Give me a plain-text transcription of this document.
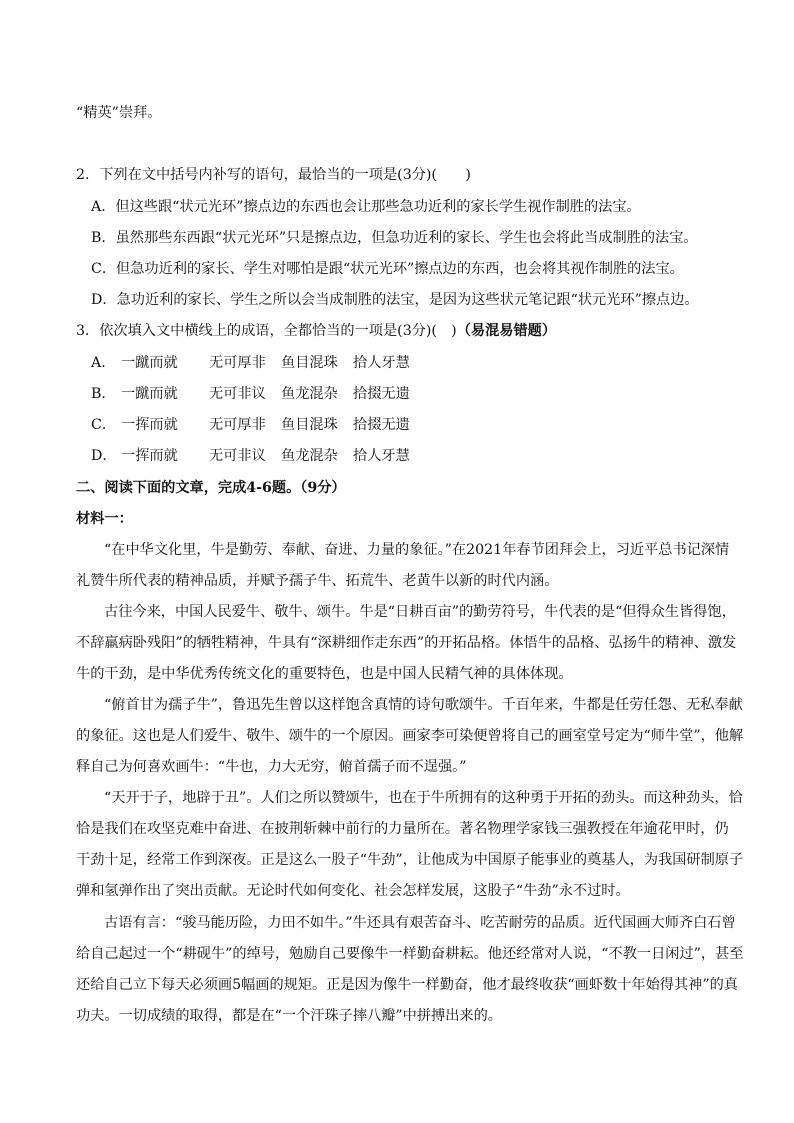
“精英”崇拜。
2．下列在文中括号内补写的语句，最恰当的一项是(3分)(　　)
A．但这些跟“状元光环”擦点边的东西也会让那些急功近利的家长学生视作制胜的法宝。
B．虽然那些东西跟“状元光环”只是擦点边，但急功近利的家长、学生也会将此当成制胜的法宝。
C．但急功近利的家长、学生对哪怕是跟“状元光环”擦点边的东西，也会将其视作制胜的法宝。
D．急功近利的家长、学生之所以会当成制胜的法宝，是因为这些状元笔记跟“状元光环”擦点边。
3．依次填入文中横线上的成语，全都恰当的一项是(3分)(　)（易混易错题）
A． 一蹴而就 无可厚非 鱼目混珠 拾人牙慧
B． 一蹴而就 无可非议 鱼龙混杂 拾掇无遗
C． 一挥而就 无可厚非 鱼目混珠 拾掇无遗
D． 一挥而就 无可非议 鱼龙混杂 拾人牙慧
二、阅读下面的文章，完成4-6题。（9分）
材料一：
“在中华文化里，牛是勤劳、奉献、奋进、力量的象征。”在2021年春节团拜会上，习近平总书记深情
礼赞牛所代表的精神品质，并赋予孺子牛、拓荒牛、老黄牛以新的时代内涵。
古往今来，中国人民爱牛、敬牛、颂牛。牛是“日耕百亩”的勤劳符号，牛代表的是“但得众生皆得饱，
不辞羸病卧残阳”的牺牲精神，牛具有“深耕细作走东西”的开拓品格。体悟牛的品格、弘扬牛的精神、激发
牛的干劲，是中华优秀传统文化的重要特色，也是中国人民精气神的具体体现。
“俯首甘为孺子牛”，鲁迅先生曾以这样饱含真情的诗句歌颂牛。千百年来，牛都是任劳任怨、无私奉献
的象征。这也是人们爱牛、敬牛、颂牛的一个原因。画家李可染便曾将自己的画室堂号定为“师牛堂”，他解
释自己为何喜欢画牛：“牛也，力大无穷，俯首孺子而不逞强。”
“天开于子，地辟于丑”。人们之所以赞颂牛，也在于牛所拥有的这种勇于开拓的劲头。而这种劲头，恰
恰是我们在攻坚克难中奋进、在披荆斩棘中前行的力量所在。著名物理学家钱三强教授在年逾花甲时，仍
干劲十足，经常工作到深夜。正是这么一股子“牛劲”，让他成为中国原子能事业的奠基人，为我国研制原子
弹和氢弹作出了突出贡献。无论时代如何变化、社会怎样发展，这股子“牛劲”永不过时。
古语有言：“骏马能历险，力田不如牛。”牛还具有艰苦奋斗、吃苦耐劳的品质。近代国画大师齐白石曾
给自己起过一个“耕砚牛”的绰号，勉励自己要像牛一样勤奋耕耘。他还经常对人说，“不教一日闲过”，甚至
还给自己立下每天必须画5幅画的规矩。正是因为像牛一样勤奋，他才最终收获“画虾数十年始得其神”的真
功夫。一切成绩的取得，都是在“一个汗珠子摔八瓣”中拼搏出来的。
